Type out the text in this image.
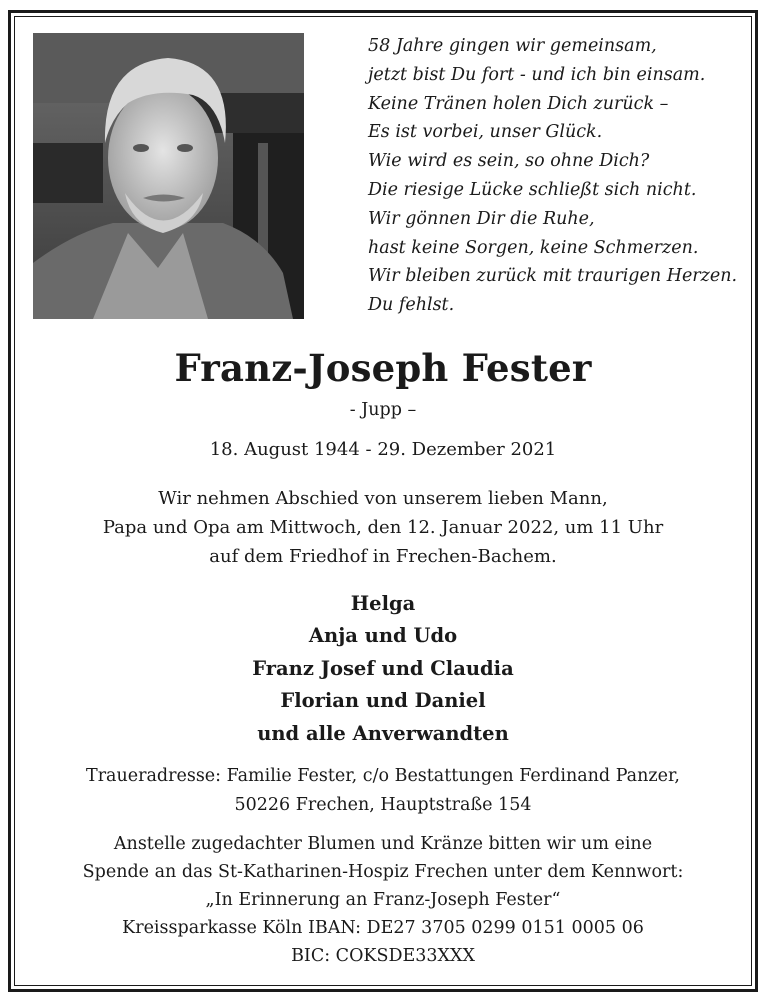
58 Jahre gingen wir gemeinsam,
jetzt bist Du fort - und ich bin einsam.
Keine Tränen holen Dich zurück –
Es ist vorbei, unser Glück.
Wie wird es sein, so ohne Dich?
Die riesige Lücke schließt sich nicht.
Wir gönnen Dir die Ruhe,
hast keine Sorgen, keine Schmerzen.
Wir bleiben zurück mit traurigen Herzen.
Du fehlst.
Franz-Joseph Fester
- Jupp –
18. August 1944 - 29. Dezember 2021
Wir nehmen Abschied von unserem lieben Mann,
Papa und Opa am Mittwoch, den 12. Januar 2022, um 11 Uhr
auf dem Friedhof in Frechen-Bachem.
Helga
Anja und Udo
Franz Josef und Claudia
Florian und Daniel
und alle Anverwandten
Traueradresse: Familie Fester, c/o Bestattungen Ferdinand Panzer,
50226 Frechen, Hauptstraße 154
Anstelle zugedachter Blumen und Kränze bitten wir um eine
Spende an das St-Katharinen-Hospiz Frechen unter dem Kennwort:
„In Erinnerung an Franz-Joseph Fester“
Kreissparkasse Köln IBAN: DE27 3705 0299 0151 0005 06
BIC: COKSDE33XXX
